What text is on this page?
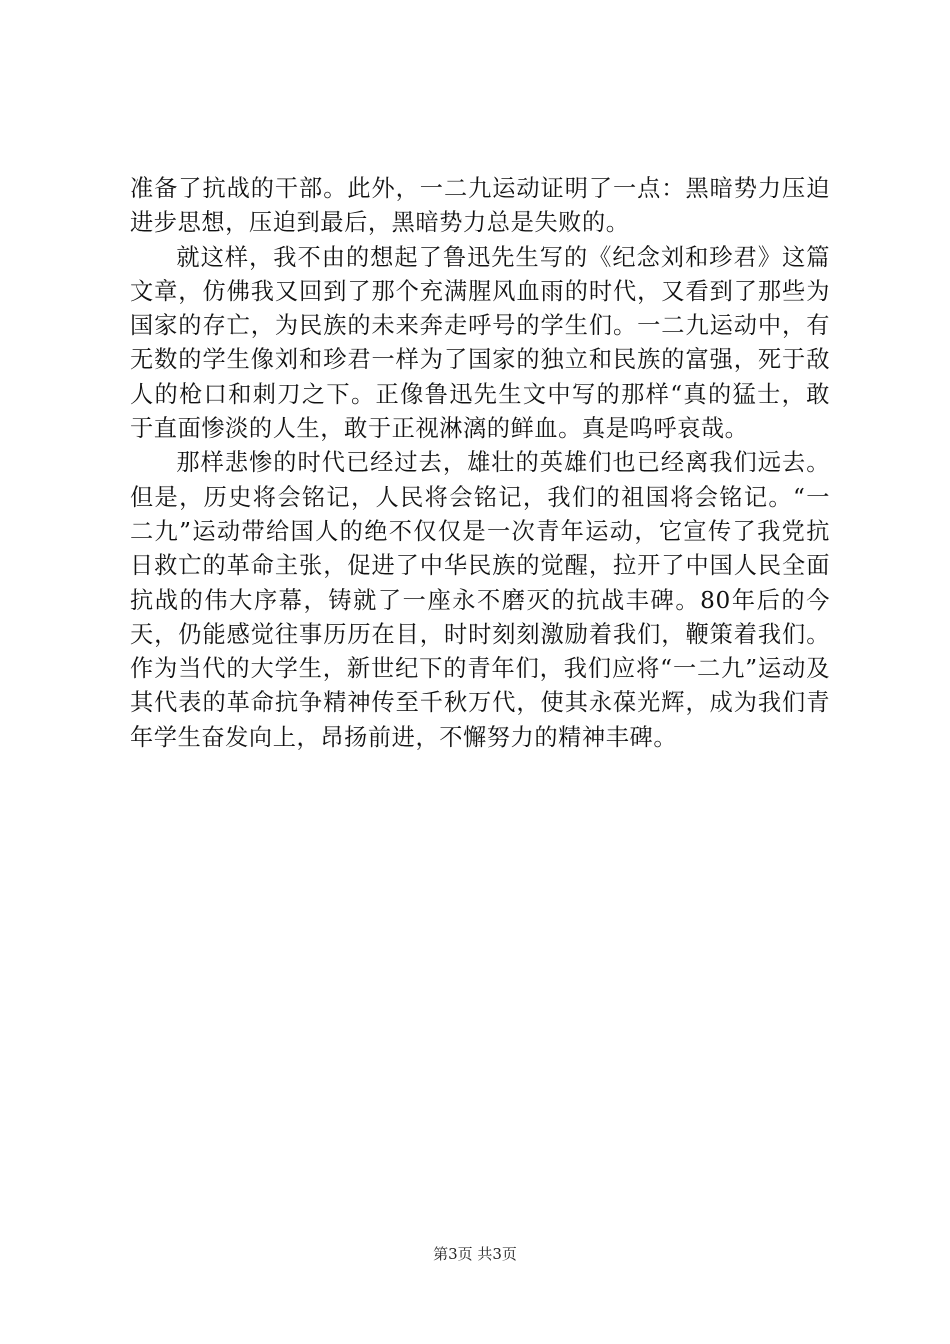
准备了抗战的干部。此外，一二九运动证明了一点：黑暗势力压迫进步思想，压迫到最后，黑暗势力总是失败的。

就这样，我不由的想起了鲁迅先生写的《纪念刘和珍君》这篇文章，仿佛我又回到了那个充满腥风血雨的时代，又看到了那些为国家的存亡，为民族的未来奔走呼号的学生们。一二九运动中，有无数的学生像刘和珍君一样为了国家的独立和民族的富强，死于敌人的枪口和刺刀之下。正像鲁迅先生文中写的那样“真的猛士，敢于直面惨淡的人生，敢于正视淋漓的鲜血。真是呜呼哀哉。

那样悲惨的时代已经过去，雄壮的英雄们也已经离我们远去。但是，历史将会铭记，人民将会铭记，我们的祖国将会铭记。“一二九”运动带给国人的绝不仅仅是一次青年运动，它宣传了我党抗日救亡的革命主张，促进了中华民族的觉醒，拉开了中国人民全面抗战的伟大序幕，铸就了一座永不磨灭的抗战丰碑。80年后的今天，仍能感觉往事历历在目，时时刻刻激励着我们，鞭策着我们。作为当代的大学生，新世纪下的青年们，我们应将“一二九”运动及其代表的革命抗争精神传至千秋万代，使其永葆光辉，成为我们青年学生奋发向上，昂扬前进，不懈努力的精神丰碑。

第3页 共3页
